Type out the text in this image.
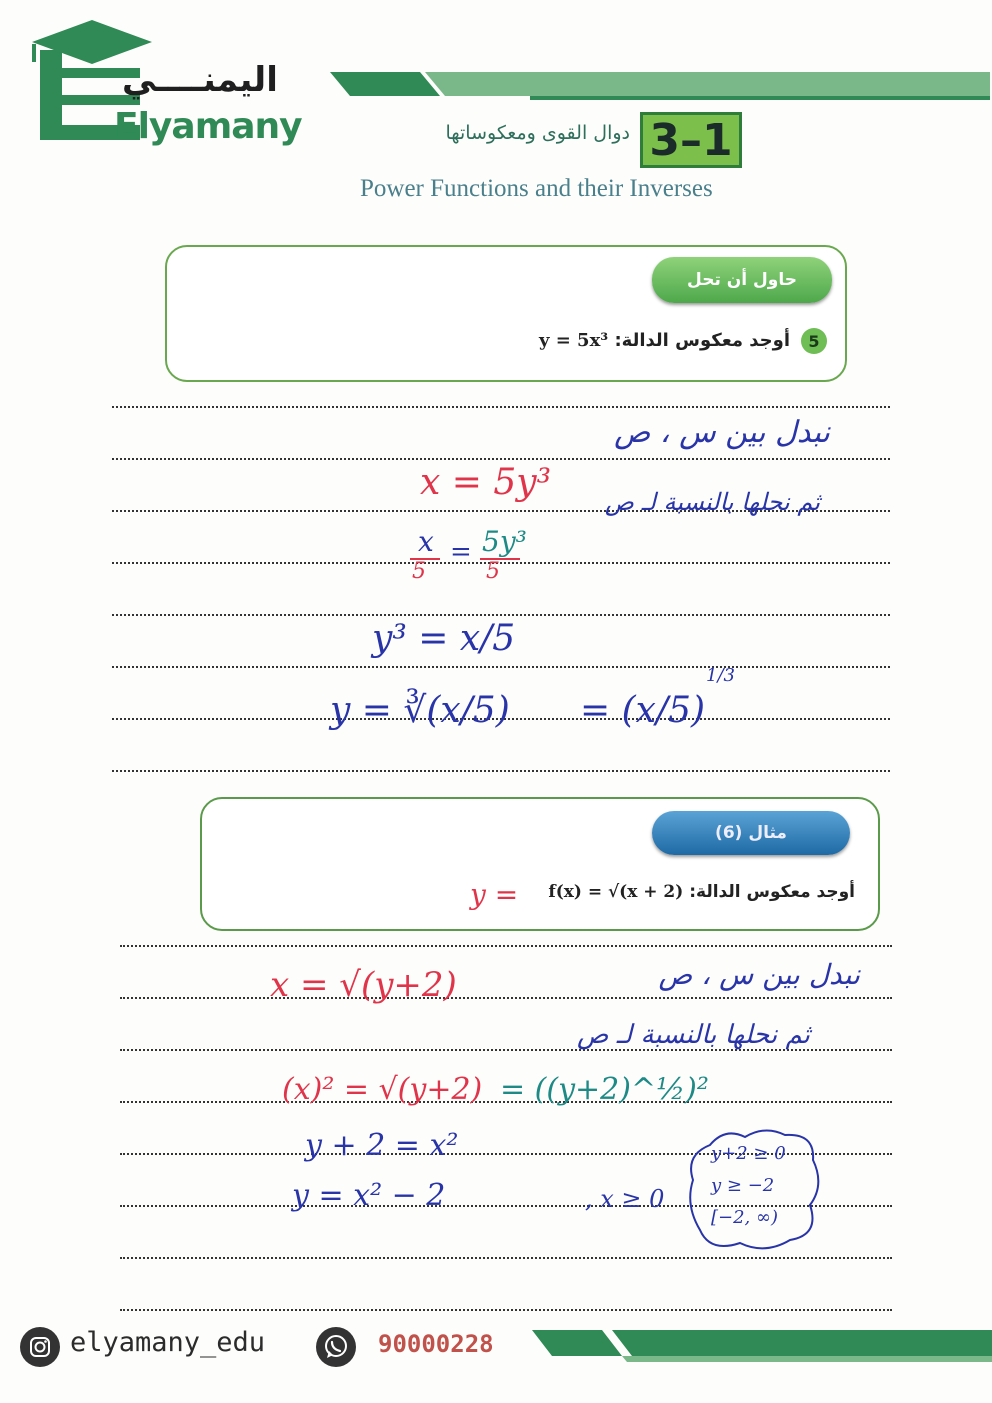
اليمنــــي
Elyamany	3–1
دوال القوى ومعكوساتها
Power Functions and their Inverses
حاول أن تحل
5
أوجد معكوس الدالة: y = 5x³
نبدل بين س ، ص
x = 5y³	ثم نحلها بالنسبة لـ ص
x
5
= 5y³
5
y³ = x/5
y = ∛(x/5) = (x/5)
1/3
مثال (6)
أوجد معكوس الدالة: f(x) = √(x + 2)
y =
نبدل بين س ، ص
x = √(y+2)
ثم نحلها بالنسبة لـ ص
(x)² = √(y+2) = ((y+2)^½)²
y + 2 = x²
y = x² − 2	, x ≥ 0
y+2 ≥ 0
y ≥ −2
[−2, ∞)
elyamany_edu	90000228
